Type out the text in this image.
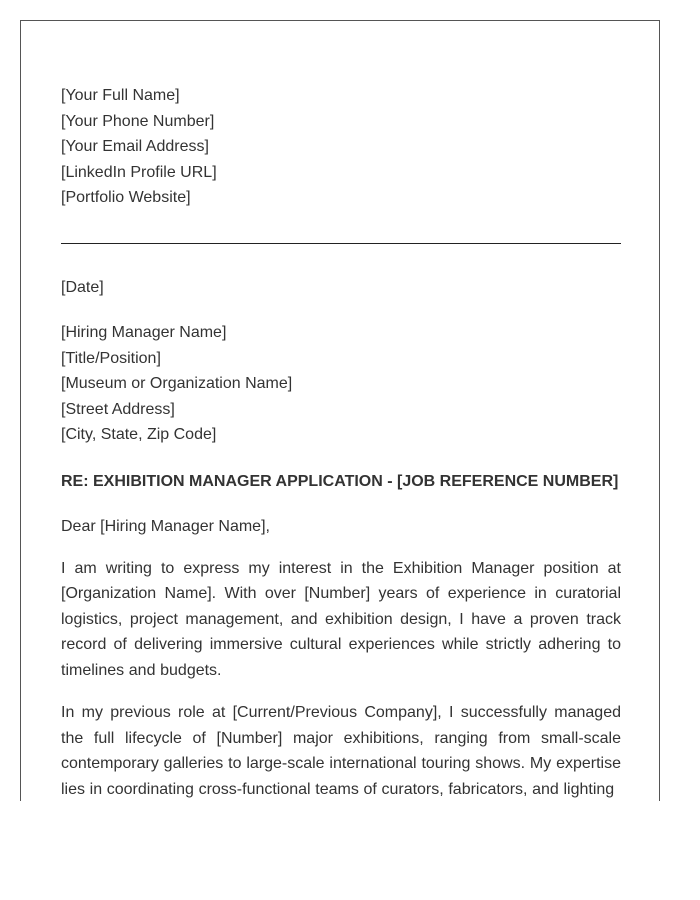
[Your Full Name]
[Your Phone Number]
[Your Email Address]
[LinkedIn Profile URL]
[Portfolio Website]
[Date]
[Hiring Manager Name]
[Title/Position]
[Museum or Organization Name]
[Street Address]
[City, State, Zip Code]
RE: EXHIBITION MANAGER APPLICATION - [JOB REFERENCE NUMBER]
Dear [Hiring Manager Name],

I am writing to express my interest in the Exhibition Manager position at [Organization Name]. With over [Number] years of experience in curatorial logistics, project management, and exhibition design, I have a proven track record of delivering immersive cultural experiences while strictly adhering to timelines and budgets.

In my previous role at [Current/Previous Company], I successfully managed the full lifecycle of [Number] major exhibitions, ranging from small-scale contemporary galleries to large-scale international touring shows. My expertise lies in coordinating cross-functional teams of curators, fabricators, and lighting
